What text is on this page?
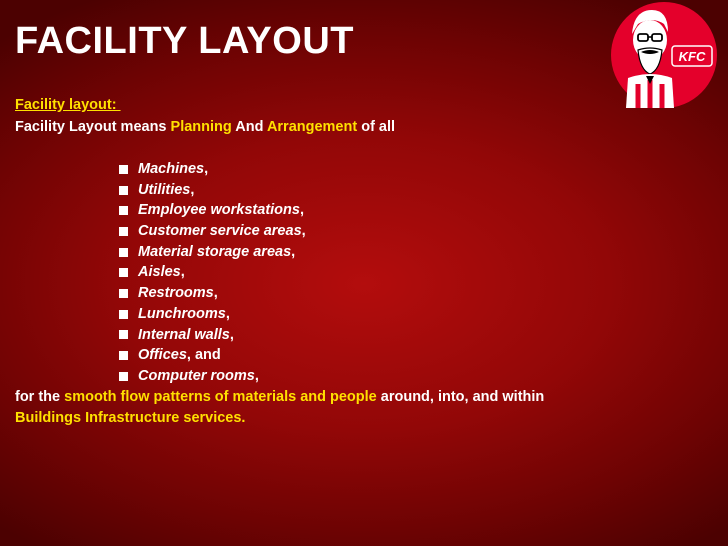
FACILITY LAYOUT	KFC
Facility layout:
Facility Layout means Planning And Arrangement of all
Machines ,
Utilities ,
Employee workstations ,
Customer service areas ,
Material storage areas ,
Aisles ,
Restrooms ,
Lunchrooms ,
Internal walls ,
Offices , and
Computer rooms ,
for the smooth flow patterns of materials and people around, into, and within
Buildings Infrastructure services.
